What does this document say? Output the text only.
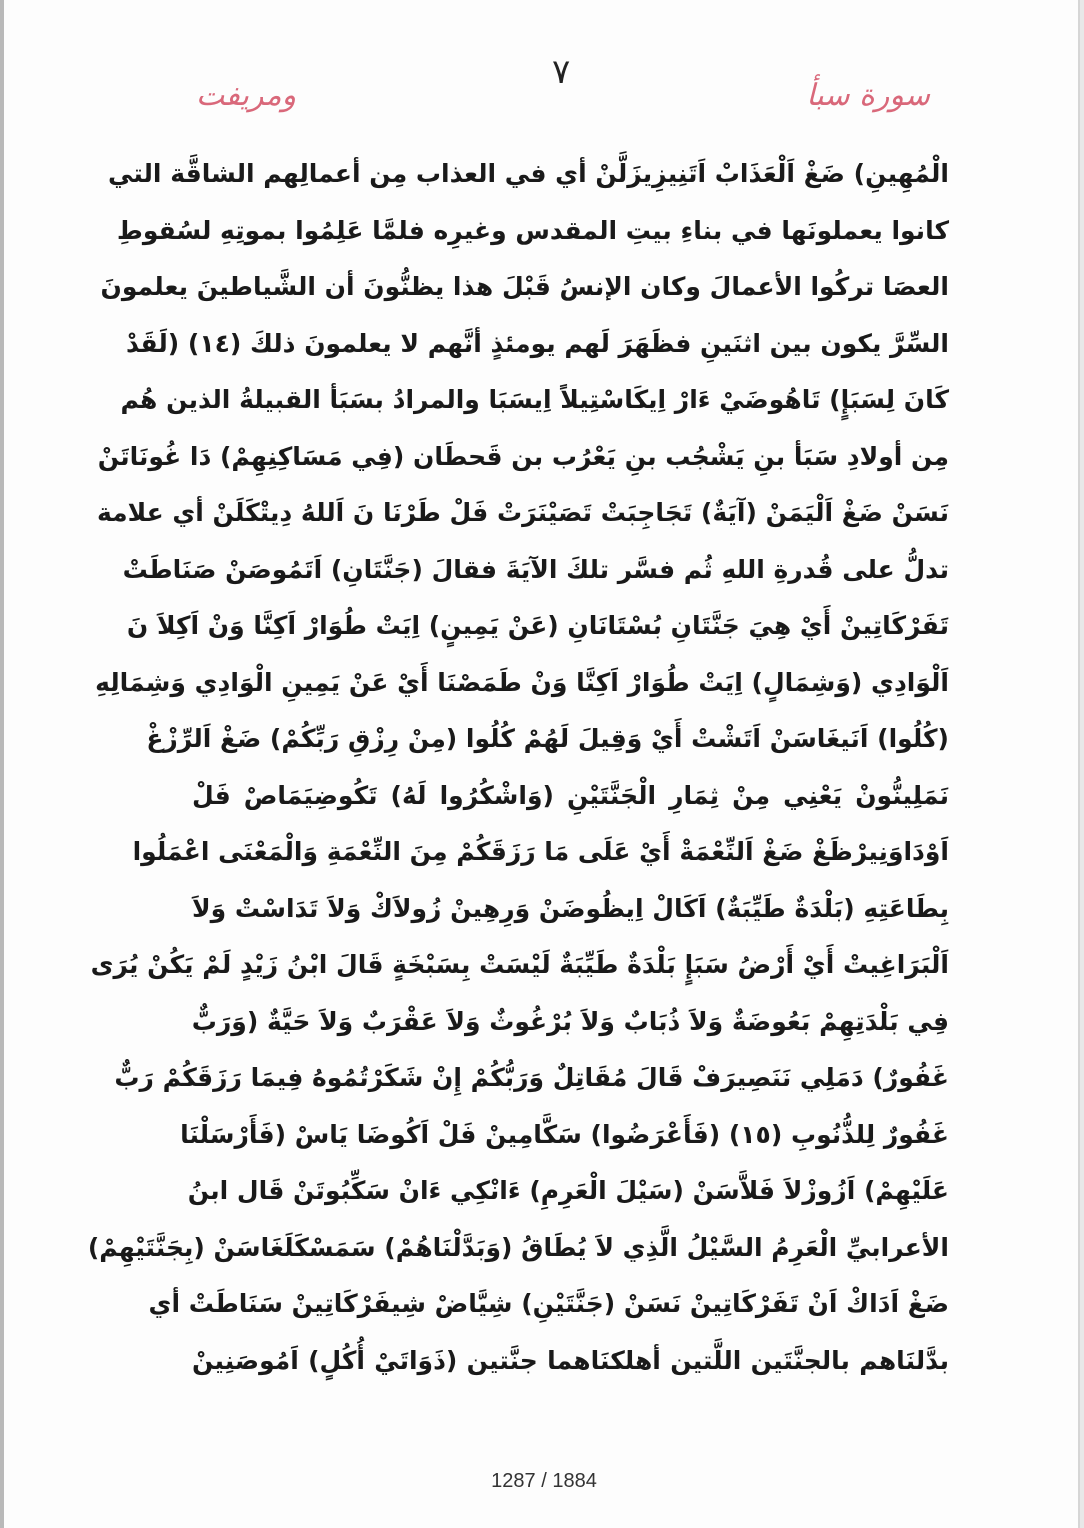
سورة سبأ
٧
ومريفت
الْمُهِينِ) ضَغْ اَلْعَذَابْ اَتَنِيزِيزَلَّنْ أي في العذاب مِن أعمالِهم الشاقَّة التي
كانوا يعملونَها في بناءِ بيتِ المقدس وغيرِه فلمَّا عَلِمُوا بموتِهِ لسُقوطِ
العصَا تركُوا الأعمالَ وكان الإنسُ قَبْلَ هذا يظنُّونَ أن الشَّياطينَ يعلمونَ
السِّرَّ يكون بين اثنَينِ فظَهَرَ لَهم يومئذٍ أنَّهم لا يعلمونَ ذلكَ (١٤) (لَقَدْ
كَانَ لِسَبَإٍ) تَاهُوضَيْ ءَارْ اِيكَاسْتِيلاً اِيسَبَا والمرادُ بسَبَأ القبيلةُ الذين هُم
مِن أولادِ سَبَأ بنِ يَشْجُب بنِ يَعْرُب بن قَحطَان (فِي مَسَاكِنِهِمْ) دَا غُونَاتَنْ
نَسَنْ ضَغْ اَلْيَمَنْ (آيَةٌ) تَجَاجِبَتْ تَصَيْنَرَتْ فَلْ طَرْنَا نَ اَللهُ دِيتْكَلَنْ أي علامة
تدلُّ على قُدرةِ اللهِ ثُم فسَّر تلكَ الآيَةَ فقالَ (جَنَّتَانِ) اَتَمُوصَنْ صَنَاطَتْ
تَفَرْكَاتِينْ أَيْ هِيَ جَنَّتَانِ بُسْتَانَانِ (عَنْ يَمِينٍ) اِيَتْ طُوَارْ اَكِنَّا وَنْ اَكِلاَ نَ
اَلْوَادِي (وَشِمَالٍ) اِيَتْ طُوَارْ اَكِنَّا وَنْ طَمَصْنَا أَيْ عَنْ يَمِينِ الْوَادِي وَشِمَالِهِ
(كُلُوا) اَنَيغَاسَنْ اَتَشْتْ أَيْ وَقِيلَ لَهُمْ كُلُوا (مِنْ رِزْقِ رَبِّكُمْ) ضَغْ اَلرِّزْغْ
نَمَلِينُّونْ يَعْنِي مِنْ ثِمَارِ الْجَنَّتَيْنِ (وَاشْكُرُوا لَهُ) تَكُوضِيَمَاصْ فَلْ
اَوْدَاوَنِيرْظَغْ ضَغْ اَلنِّعْمَةْ أَيْ عَلَى مَا رَزَقَكُمْ مِنَ النِّعْمَةِ وَالْمَعْنَى اعْمَلُوا
بِطَاعَتِهِ (بَلْدَةٌ طَيِّبَةٌ) اَكَالْ اِيظُوضَنْ وَرِهِينْ زُولاَكْ وَلاَ تَدَاسْتْ وَلاَ
اَلْبَرَاغِيتْ أَيْ أَرْضُ سَبَإٍ بَلْدَةٌ طَيِّبَةٌ لَيْسَتْ بِسَبْخَةٍ قَالَ ابْنُ زَيْدٍ لَمْ يَكُنْ يُرَى
فِي بَلْدَتِهِمْ بَعُوضَةٌ وَلاَ ذُبَابٌ وَلاَ بُرْغُوثٌ وَلاَ عَقْرَبٌ وَلاَ حَيَّةٌ (وَرَبٌّ
غَفُورٌ) دَمَلِي نَنَصِيرَفْ قَالَ مُقَاتِلٌ وَرَبُّكُمْ إِنْ شَكَرْتُمُوهُ فِيمَا رَزَقَكُمْ رَبٌّ
غَفُورٌ لِلذُّنُوبِ (١٥) (فَأَعْرَضُوا) سَكَّامِينْ فَلْ اَكُوضَا يَاسْ (فَأَرْسَلْنَا
عَلَيْهِمْ) اَزُوزْلاَ فَلاَّسَنْ (سَيْلَ الْعَرِمِ) ءَانْكِي ءَانْ سَكِّبُوتَنْ قَال ابنُ
الأعرابيِّ الْعَرِمُ السَّيْلُ الَّذِي لاَ يُطَاقُ (وَبَدَّلْنَاهُمْ) سَمَسْكَلَغَاسَنْ (بِجَنَّتَيْهِمْ)
ضَغْ اَدَاكْ اَنْ تَفَرْكَاتِينْ نَسَنْ (جَنَّتَيْنِ) شِيَّاضْ شِيفَرْكَاتِينْ سَنَاطَتْ أي
بدَّلنَاهم بالجنَّتَين اللَّتين أهلكنَاهما جنَّتين (ذَوَاتَيْ أُكُلٍ) اَمُوصَنِينْ
1287 / 1884
